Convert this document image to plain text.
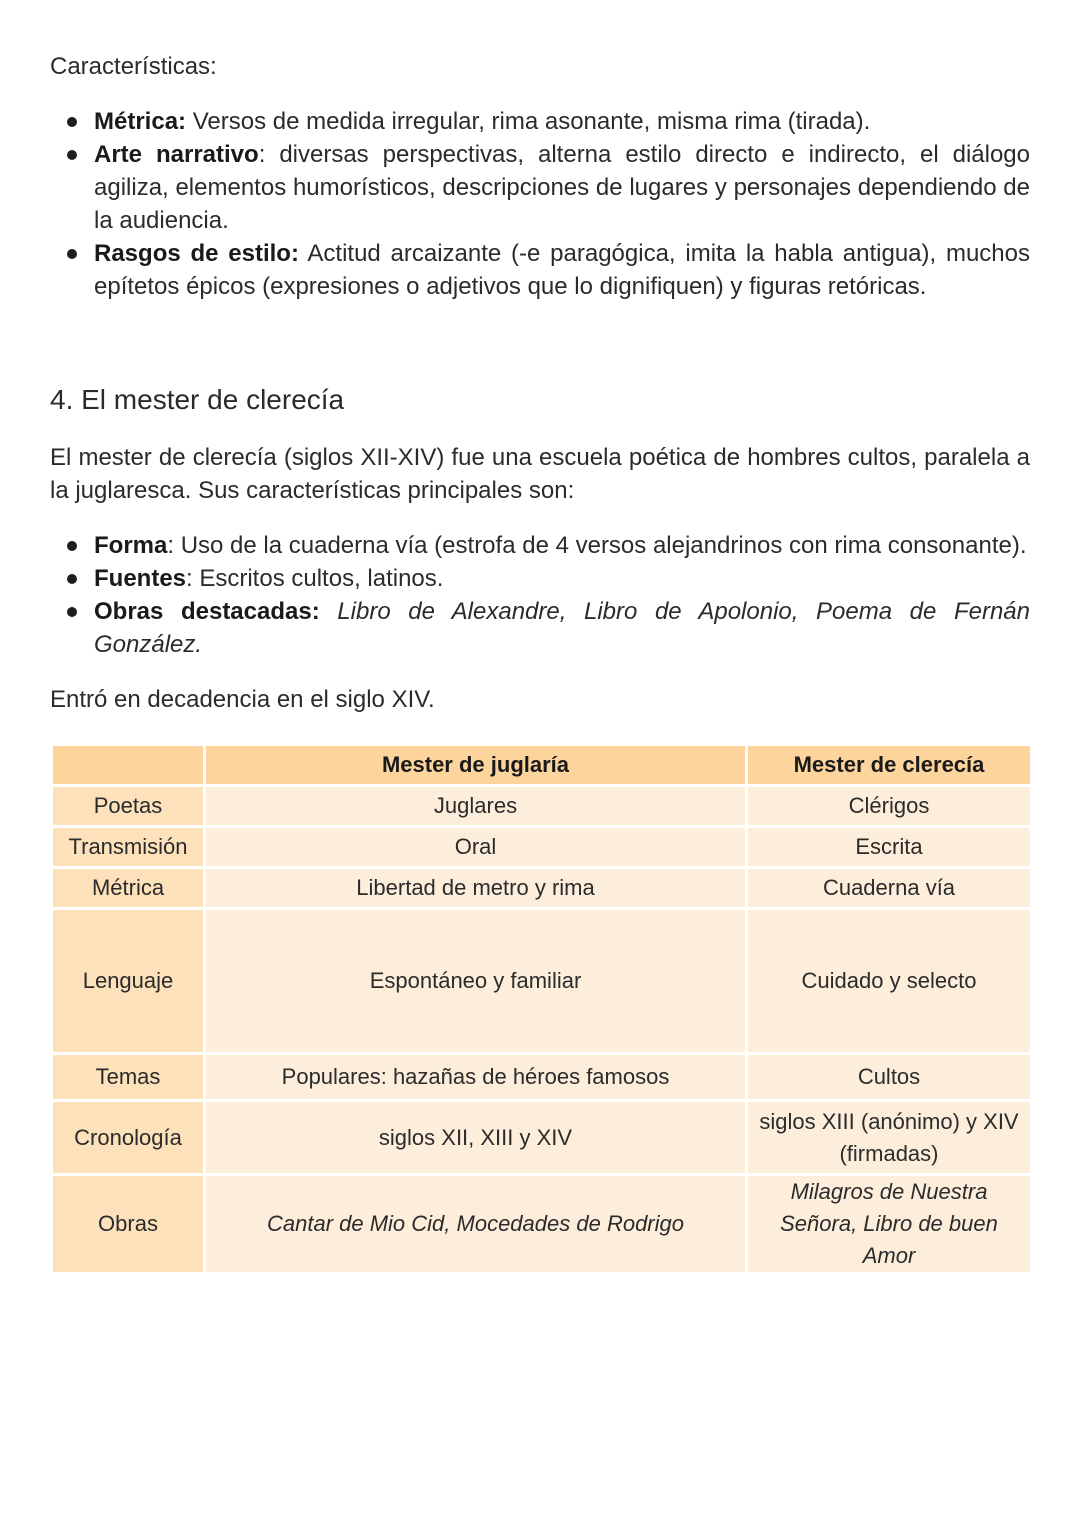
Características:

Métrica: Versos de medida irregular, rima asonante, misma rima (tirada).
Arte narrativo: diversas perspectivas, alterna estilo directo e indirecto, el diálogo agiliza, elementos humorísticos, descripciones de lugares y personajes dependiendo de la audiencia.
Rasgos de estilo: Actitud arcaizante (-e paragógica, imita la habla antigua), muchos epítetos épicos (expresiones o adjetivos que lo dignifiquen) y figuras retóricas.

4. El mester de clerecía

El mester de clerecía (siglos XII-XIV) fue una escuela poética de hombres cultos, paralela a la juglaresca. Sus características principales son:

Forma: Uso de la cuaderna vía (estrofa de 4 versos alejandrinos con rima consonante).
Fuentes: Escritos cultos, latinos.
Obras destacadas: Libro de Alexandre, Libro de Apolonio, Poema de Fernán González.

Entró en decadencia en el siglo XIV.

	Mester de juglaría	Mester de clerecía
Poetas	Juglares	Clérigos
Transmisión	Oral	Escrita
Métrica	Libertad de metro y rima	Cuaderna vía
Lenguaje	Espontáneo y familiar	Cuidado y selecto
Temas	Populares: hazañas de héroes famosos	Cultos
Cronología	siglos XII, XIII y XIV	siglos XIII (anónimo) y XIV (firmadas)
Obras	Cantar de Mio Cid, Mocedades de Rodrigo	Milagros de Nuestra Señora, Libro de buen Amor
